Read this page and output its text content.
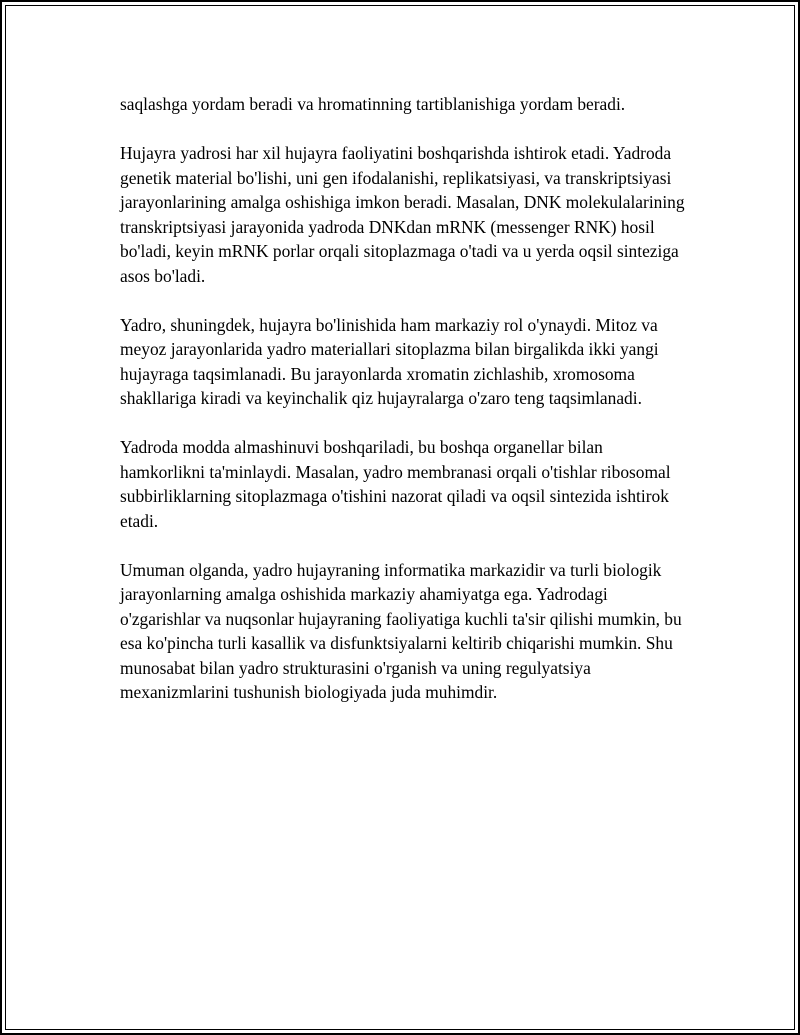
saqlashga yordam beradi va hromatinning tartiblanishiga yordam beradi.

Hujayra yadrosi har xil hujayra faoliyatini boshqarishda ishtirok etadi. Yadroda genetik material bo'lishi, uni gen ifodalanishi, replikatsiyasi, va transkriptsiyasi jarayonlarining amalga oshishiga imkon beradi. Masalan, DNK molekulalarining transkriptsiyasi jarayonida yadroda DNKdan mRNK (messenger RNK) hosil bo'ladi, keyin mRNK porlar orqali sitoplazmaga o'tadi va u yerda oqsil sinteziga asos bo'ladi.

Yadro, shuningdek, hujayra bo'linishida ham markaziy rol o'ynaydi. Mitoz va meyoz jarayonlarida yadro materiallari sitoplazma bilan birgalikda ikki yangi hujayraga taqsimlanadi. Bu jarayonlarda xromatin zichlashib, xromosoma shakllariga kiradi va keyinchalik qiz hujayralarga o'zaro teng taqsimlanadi.

Yadroda modda almashinuvi boshqariladi, bu boshqa organellar bilan hamkorlikni ta'minlaydi. Masalan, yadro membranasi orqali o'tishlar ribosomal subbirliklarning sitoplazmaga o'tishini nazorat qiladi va oqsil sintezida ishtirok etadi.

Umuman olganda, yadro hujayraning informatika markazidir va turli biologik jarayonlarning amalga oshishida markaziy ahamiyatga ega. Yadrodagi o'zgarishlar va nuqsonlar hujayraning faoliyatiga kuchli ta'sir qilishi mumkin, bu esa ko'pincha turli kasallik va disfunktsiyalarni keltirib chiqarishi mumkin. Shu munosabat bilan yadro strukturasini o'rganish va uning regulyatsiya mexanizmlarini tushunish biologiyada juda muhimdir.
